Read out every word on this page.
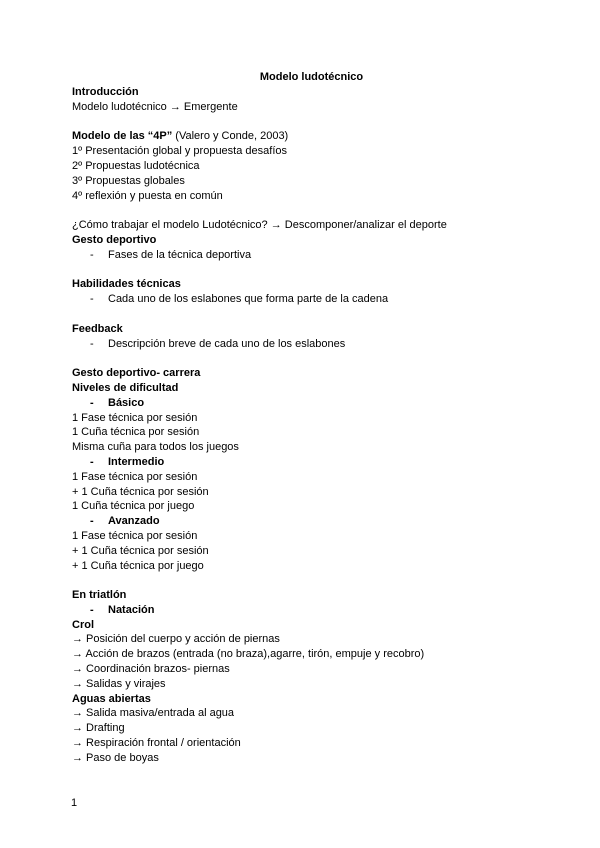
Modelo ludotécnico
Introducción
Modelo ludotécnico → Emergente
Modelo de las “4P” (Valero y Conde, 2003)
1º Presentación global y propuesta desafíos
2º Propuestas ludotécnica
3º Propuestas globales
4º reflexión y puesta en común
¿Cómo trabajar el modelo Ludotécnico? → Descomponer/analizar el deporte
Gesto deportivo
- Fases de la técnica deportiva
Habilidades técnicas
- Cada uno de los eslabones que forma parte de la cadena
Feedback
- Descripción breve de cada uno de los eslabones
Gesto deportivo- carrera
Niveles de dificultad
- Básico
1 Fase técnica por sesión
1 Cuña técnica por sesión
Misma cuña para todos los juegos
- Intermedio
1 Fase técnica por sesión
+ 1 Cuña técnica por sesión
1 Cuña técnica por juego
- Avanzado
1 Fase técnica por sesión
+ 1 Cuña técnica por sesión
+ 1 Cuña técnica por juego
En triatlón
- Natación
Crol
→ Posición del cuerpo y acción de piernas
→ Acción de brazos (entrada (no braza),agarre, tirón, empuje y recobro)
→ Coordinación brazos- piernas
→ Salidas y virajes
Aguas abiertas
→ Salida masiva/entrada al agua
→ Drafting
→ Respiración frontal / orientación
→ Paso de boyas
1
